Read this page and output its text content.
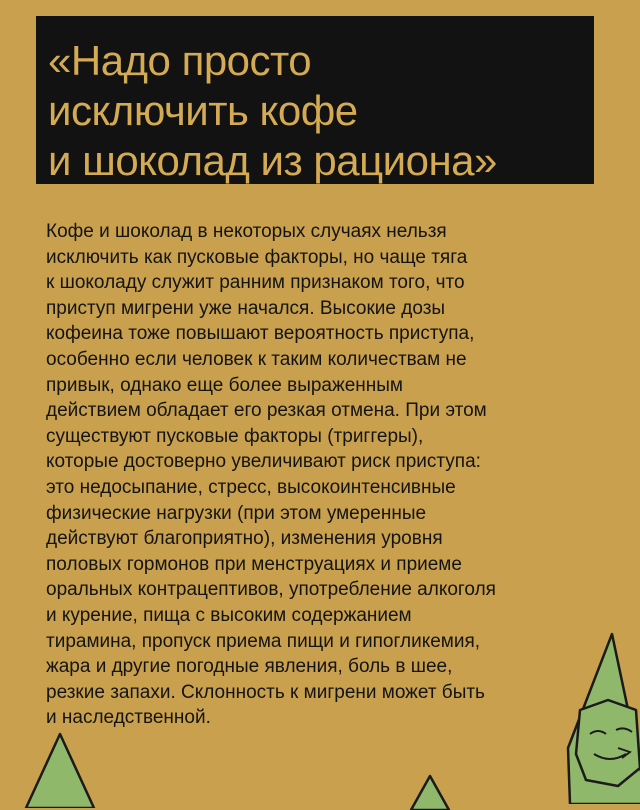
«Надо просто
исключить кофе
и шоколад из рациона»

Кофе и шоколад в некоторых случаях нельзя
исключить как пусковые факторы, но чаще тяга
к шоколаду служит ранним признаком того, что
приступ мигрени уже начался. Высокие дозы
кофеина тоже повышают вероятность приступа,
особенно если человек к таким количествам не
привык, однако еще более выраженным
действием обладает его резкая отмена. При этом
существуют пусковые факторы (триггеры),
которые достоверно увеличивают риск приступа:
это недосыпание, стресс, высокоинтенсивные
физические нагрузки (при этом умеренные
действуют благоприятно), изменения уровня
половых гормонов при менструациях и приеме
оральных контрацептивов, употребление алкоголя
и курение, пища с высоким содержанием
тирамина, пропуск приема пищи и гипогликемия,
жара и другие погодные явления, боль в шее,
резкие запахи. Склонность к мигрени может быть
и наследственной.
